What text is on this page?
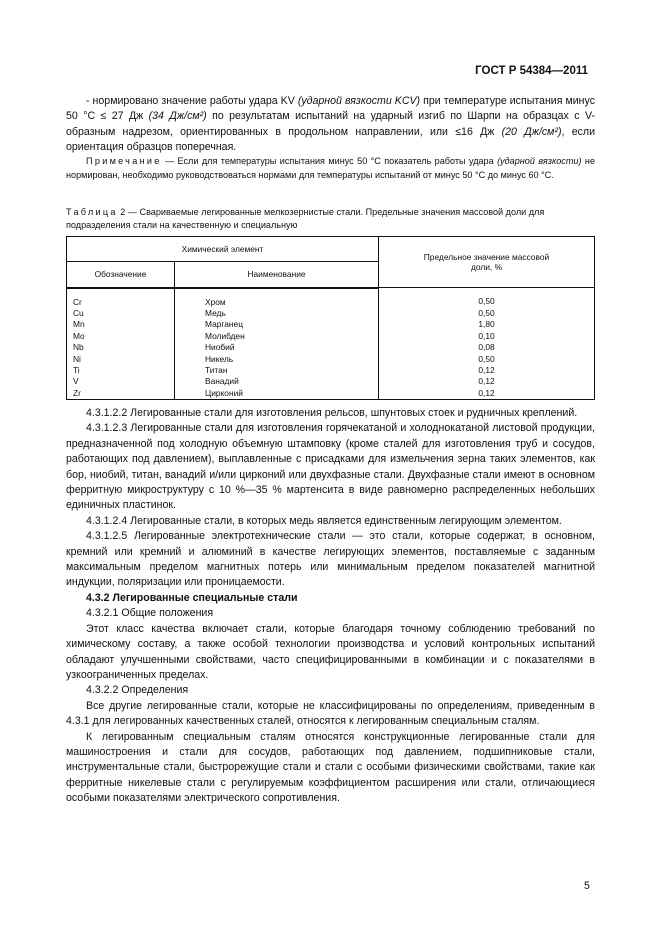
ГОСТ Р 54384—2011

- нормировано значение работы удара KV (ударной вязкости KCV) при температуре испытания минус 50 °С ≤ 27 Дж (34 Дж/см²) по результатам испытаний на ударный изгиб по Шарпи на образцах с V-образным надрезом, ориентированных в продольном направлении, или ≤16 Дж (20 Дж/см²), если ориентация образцов поперечная.

Примечание — Если для температуры испытания минус 50 °С показатель работы удара (ударной вязкости) не нормирован, необходимо руководствоваться нормами для температуры испытаний от минус 50 °С до минус 60 °С.

Таблица 2 — Свариваемые легированные мелкозернистые стали. Предельные значения массовой доли для подразделения стали на качественную и специальную
Химический элемент		Предельное значение массовой доли, %
Обозначение	Наименование	
Cr	Хром	0,50
Cu	Медь	0,50
Mn	Марганец	1,80
Mo	Молибден	0,10
Nb	Ниобий	0,08
Ni	Никель	0,50
Ti	Титан	0,12
V	Ванадий	0,12
Zr	Цирконий	0,12

4.3.1.2.2 Легированные стали для изготовления рельсов, шпунтовых стоек и рудничных креплений.

4.3.1.2.3 Легированные стали для изготовления горячекатаной и холоднокатаной листовой продукции, предназначенной под холодную объемную штамповку (кроме сталей для изготовления труб и сосудов, работающих под давлением), выплавленные с присадками для измельчения зерна таких элементов, как бор, ниобий, титан, ванадий и/или цирконий или двухфазные стали. Двухфазные стали имеют в основном ферритную микроструктуру с 10 %—35 % мартенсита в виде равномерно распределенных небольших единичных пластинок.

4.3.1.2.4 Легированные стали, в которых медь является единственным легирующим элементом.

4.3.1.2.5 Легированные электротехнические стали — это стали, которые содержат, в основном, кремний или кремний и алюминий в качестве легирующих элементов, поставляемые с заданным максимальным пределом магнитных потерь или минимальным пределом показателей магнитной индукции, поляризации или проницаемости.

4.3.2 Легированные специальные стали

4.3.2.1 Общие положения

Этот класс качества включает стали, которые благодаря точному соблюдению требований по химическому составу, а также особой технологии производства и условий контрольных испытаний обладают улучшенными свойствами, часто специфицированными в комбинации и с показателями в узкоограниченных пределах.

4.3.2.2 Определения

Все другие легированные стали, которые не классифицированы по определениям, приведенным в 4.3.1 для легированных качественных сталей, относятся к легированным специальным сталям.

К легированным специальным сталям относятся конструкционные легированные стали для машиностроения и стали для сосудов, работающих под давлением, подшипниковые стали, инструментальные стали, быстрорежущие стали и стали с особыми физическими свойствами, такие как ферритные никелевые стали с регулируемым коэффициентом расширения или стали, отличающиеся особыми показателями электрического сопротивления.

5
